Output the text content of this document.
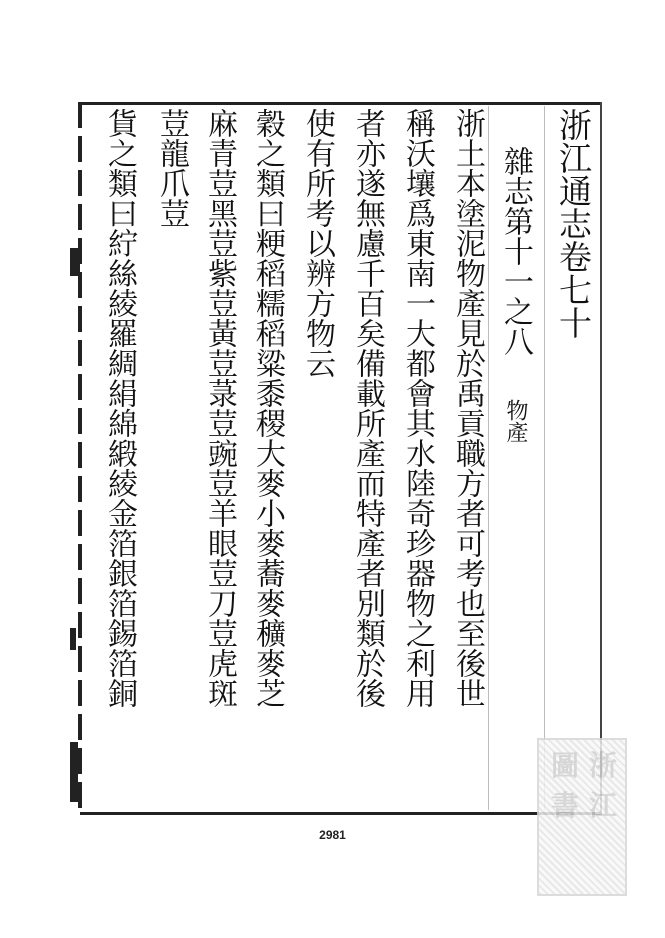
浙江通志卷七十
雜志第十一之八 物產
浙土本塗泥物產見於禹貢職方者可考也至後世
稱沃壤爲東南一大都會其水陸奇珍器物之利用
者亦遂無慮千百矣備載所產而特產者別類於後
使有所考以辨方物云
穀之類曰粳稻糯稻粱黍稷大麥小麥蕎麥穬麥芝
麻青荳黑荳紫荳黃荳菉荳豌荳羊眼荳刀荳虎斑
荳龍爪荳
貨之類曰紵絲綾羅綢絹綿緞綾金箔銀箔錫箔銅
2981
浙
江
圖
書
